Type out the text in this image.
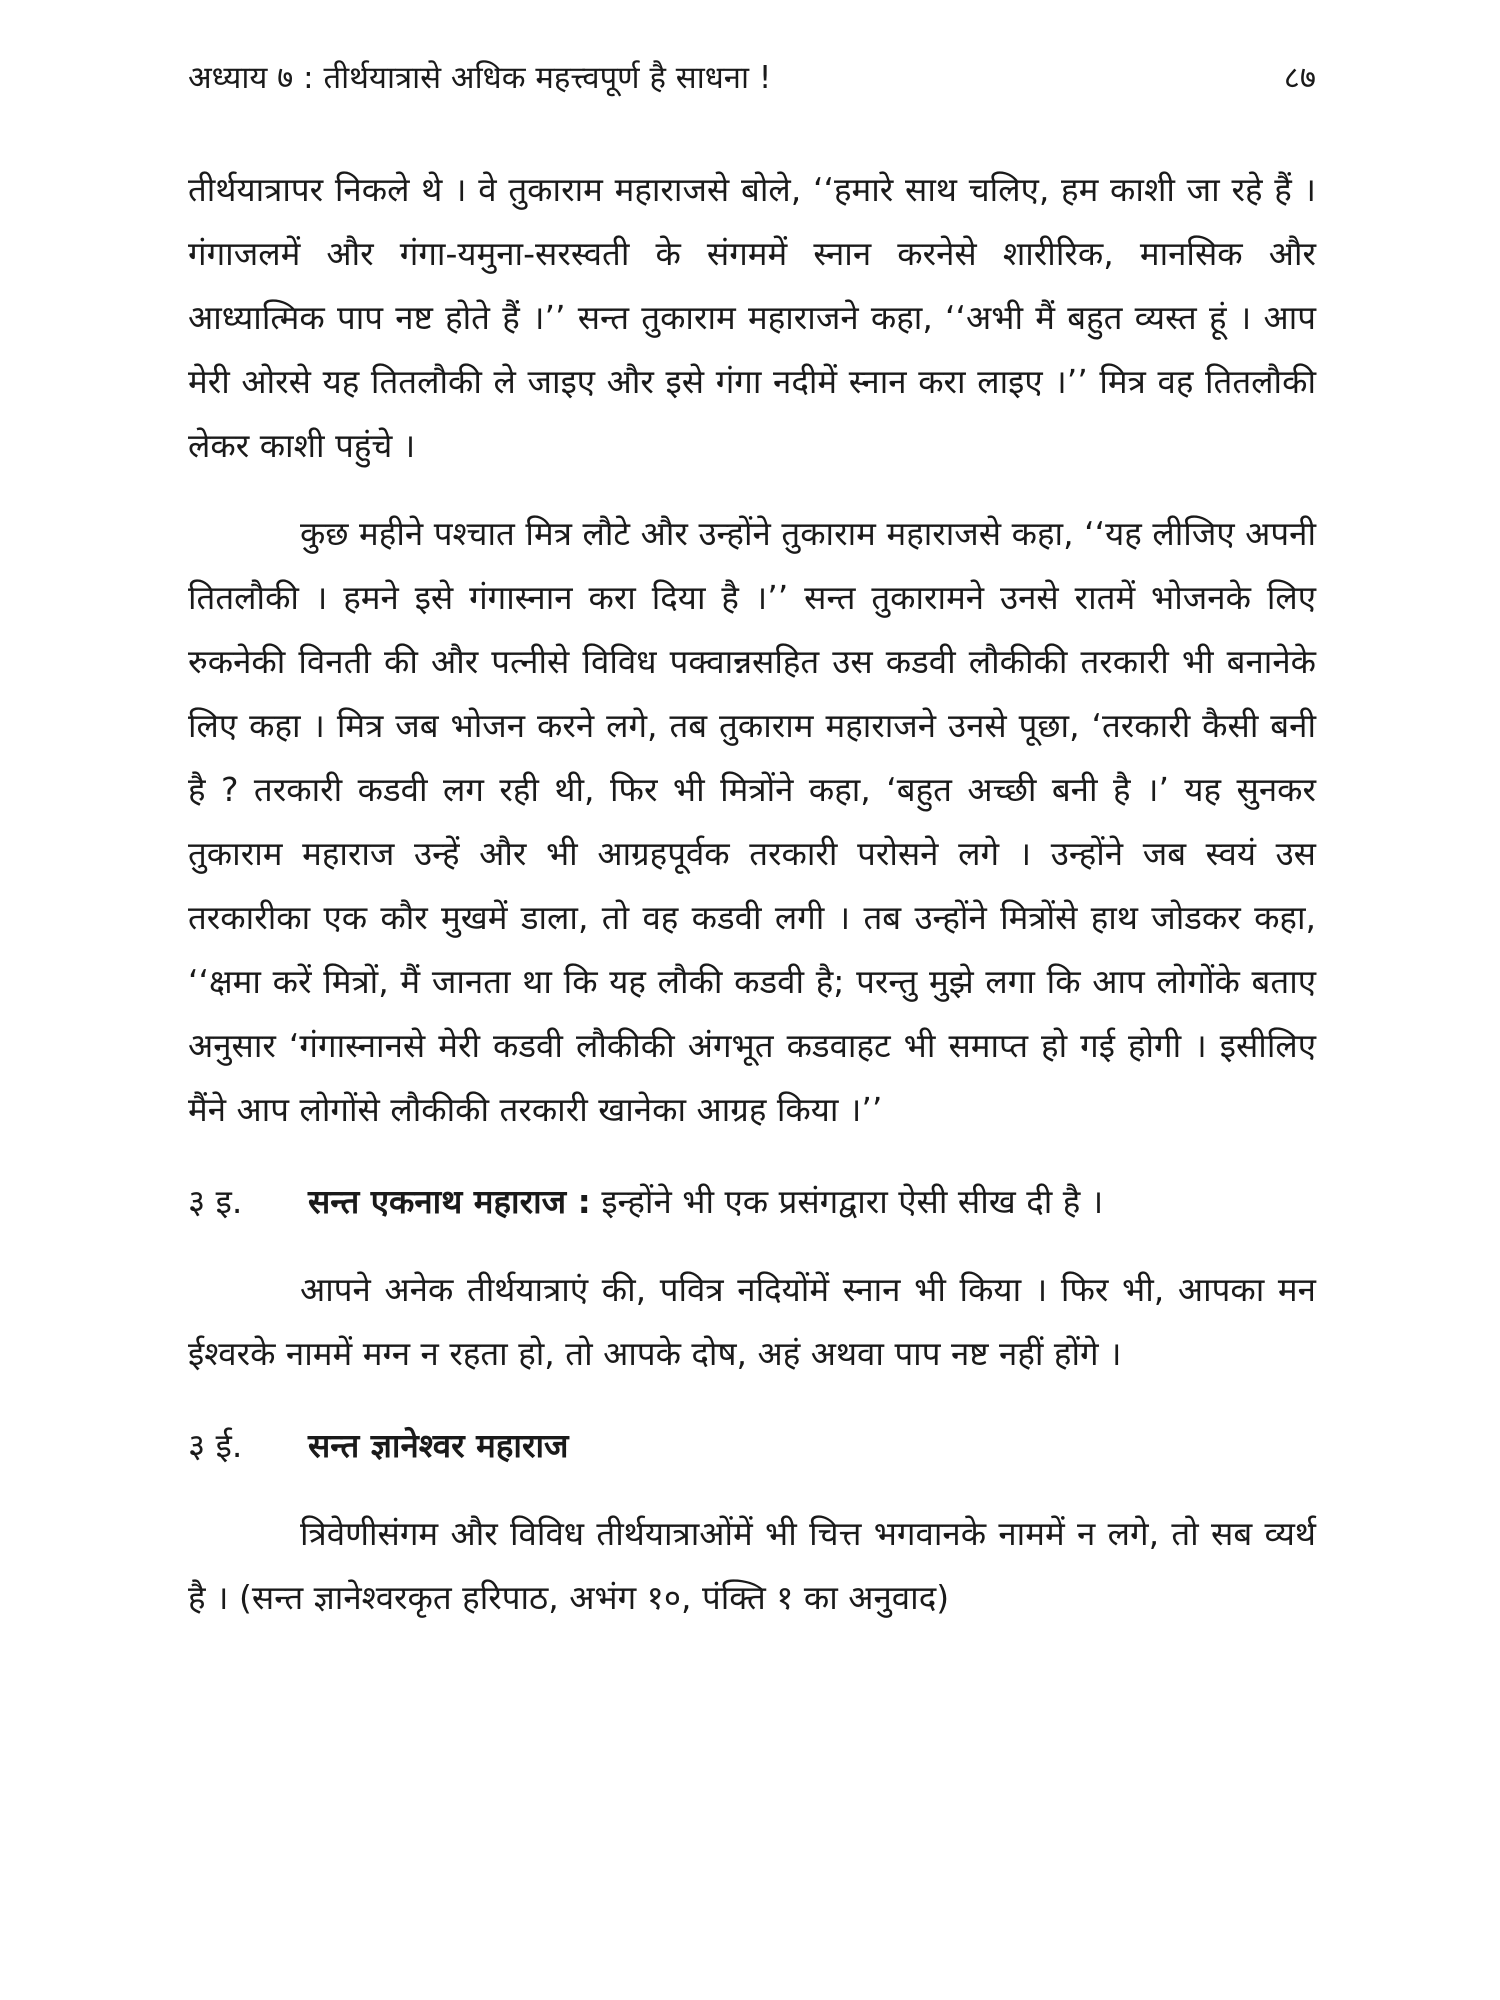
अध्याय ७ : तीर्थयात्रासे अधिक महत्त्वपूर्ण है साधना !	८७

तीर्थयात्रापर निकले थे । वे तुकाराम महाराजसे बोले, ‘‘हमारे साथ चलिए, हम काशी जा रहे हैं । गंगाजलमें और गंगा-यमुना-सरस्वती के संगममें स्नान करनेसे शारीरिक, मानसिक और आध्यात्मिक पाप नष्ट होते हैं ।’’ सन्त तुकाराम महाराजने कहा, ‘‘अभी मैं बहुत व्यस्त हूं । आप मेरी ओरसे यह तितलौकी ले जाइए और इसे गंगा नदीमें स्नान करा लाइए ।’’ मित्र वह तितलौकी लेकर काशी पहुंचे ।

कुछ महीने पश्चात मित्र लौटे और उन्होंने तुकाराम महाराजसे कहा, ‘‘यह लीजिए अपनी तितलौकी । हमने इसे गंगास्नान करा दिया है ।’’ सन्त तुकारामने उनसे रातमें भोजनके लिए रुकनेकी विनती की और पत्नीसे विविध पक्वान्नसहित उस कडवी लौकीकी तरकारी भी बनानेके लिए कहा । मित्र जब भोजन करने लगे, तब तुकाराम महाराजने उनसे पूछा, ‘तरकारी कैसी बनी है ? तरकारी कडवी लग रही थी, फिर भी मित्रोंने कहा, ‘बहुत अच्छी बनी है ।’ यह सुनकर तुकाराम महाराज उन्हें और भी आग्रहपूर्वक तरकारी परोसने लगे । उन्होंने जब स्वयं उस तरकारीका एक कौर मुखमें डाला, तो वह कडवी लगी । तब उन्होंने मित्रोंसे हाथ जोडकर कहा, ‘‘क्षमा करें मित्रों, मैं जानता था कि यह लौकी कडवी है; परन्तु मुझे लगा कि आप लोगोंके बताए अनुसार ‘गंगास्नानसे मेरी कडवी लौकीकी अंगभूत कडवाहट भी समाप्त हो गई होगी । इसीलिए मैंने आप लोगोंसे लौकीकी तरकारी खानेका आग्रह किया ।’’

३ इ. सन्त एकनाथ महाराज : इन्होंने भी एक प्रसंगद्वारा ऐसी सीख दी है ।

आपने अनेक तीर्थयात्राएं की, पवित्र नदियोंमें स्नान भी किया । फिर भी, आपका मन ईश्‍वरके नाममें मग्न न रहता हो, तो आपके दोष, अहं अथवा पाप नष्ट नहीं होंगे ।

३ ई. सन्त ज्ञानेश्‍वर महाराज

त्रिवेणीसंगम और विविध तीर्थयात्राओंमें भी चित्त भगवानके नाममें न लगे, तो सब व्यर्थ है । (सन्त ज्ञानेश्‍वरकृत हरिपाठ, अभंग १०, पंक्ति १ का अनुवाद)
